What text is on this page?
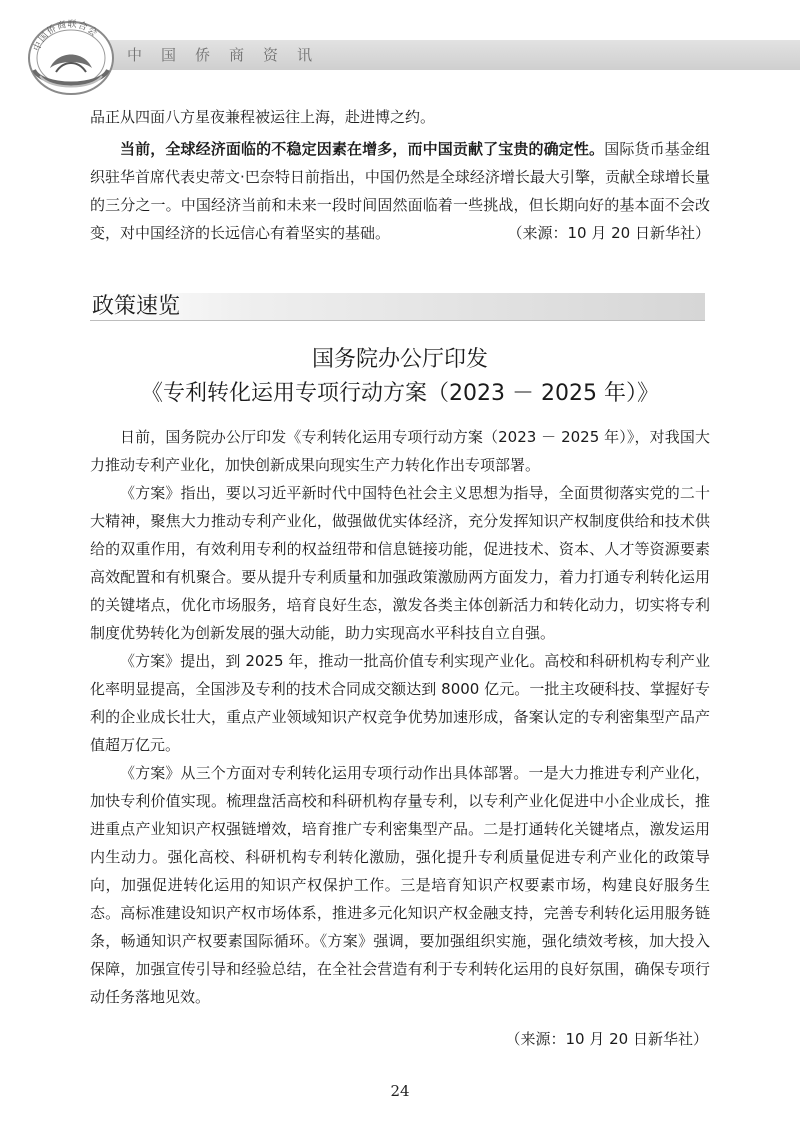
中国侨商联合会
中国侨商资讯

品正从四面八方星夜兼程被运往上海，赴进博之约。

当前，全球经济面临的不稳定因素在增多，而中国贡献了宝贵的确定性。国际货币基金组织驻华首席代表史蒂文·巴奈特日前指出，中国仍然是全球经济增长最大引擎，贡献全球增长量的三分之一。中国经济当前和未来一段时间固然面临着一些挑战，但长期向好的基本面不会改变，对中国经济的长远信心有着坚实的基础。	（来源：10 月 20 日新华社）

政策速览
国务院办公厅印发
《专利转化运用专项行动方案（2023 － 2025 年）》

日前，国务院办公厅印发《专利转化运用专项行动方案（2023 － 2025 年）》，对我国大力推动专利产业化，加快创新成果向现实生产力转化作出专项部署。

《方案》指出，要以习近平新时代中国特色社会主义思想为指导，全面贯彻落实党的二十大精神，聚焦大力推动专利产业化，做强做优实体经济，充分发挥知识产权制度供给和技术供给的双重作用，有效利用专利的权益纽带和信息链接功能，促进技术、资本、人才等资源要素高效配置和有机聚合。要从提升专利质量和加强政策激励两方面发力，着力打通专利转化运用的关键堵点，优化市场服务，培育良好生态，激发各类主体创新活力和转化动力，切实将专利制度优势转化为创新发展的强大动能，助力实现高水平科技自立自强。

《方案》提出，到 2025 年，推动一批高价值专利实现产业化。高校和科研机构专利产业化率明显提高，全国涉及专利的技术合同成交额达到 8000 亿元。一批主攻硬科技、掌握好专利的企业成长壮大，重点产业领域知识产权竞争优势加速形成，备案认定的专利密集型产品产值超万亿元。

《方案》从三个方面对专利转化运用专项行动作出具体部署。一是大力推进专利产业化，加快专利价值实现。梳理盘活高校和科研机构存量专利，以专利产业化促进中小企业成长，推进重点产业知识产权强链增效，培育推广专利密集型产品。二是打通转化关键堵点，激发运用内生动力。强化高校、科研机构专利转化激励，强化提升专利质量促进专利产业化的政策导向，加强促进转化运用的知识产权保护工作。三是培育知识产权要素市场，构建良好服务生态。高标准建设知识产权市场体系，推进多元化知识产权金融支持，完善专利转化运用服务链条，畅通知识产权要素国际循环。《方案》强调，要加强组织实施，强化绩效考核，加大投入保障，加强宣传引导和经验总结，在全社会营造有利于专利转化运用的良好氛围，确保专项行动任务落地见效。

（来源：10 月 20 日新华社）
24
